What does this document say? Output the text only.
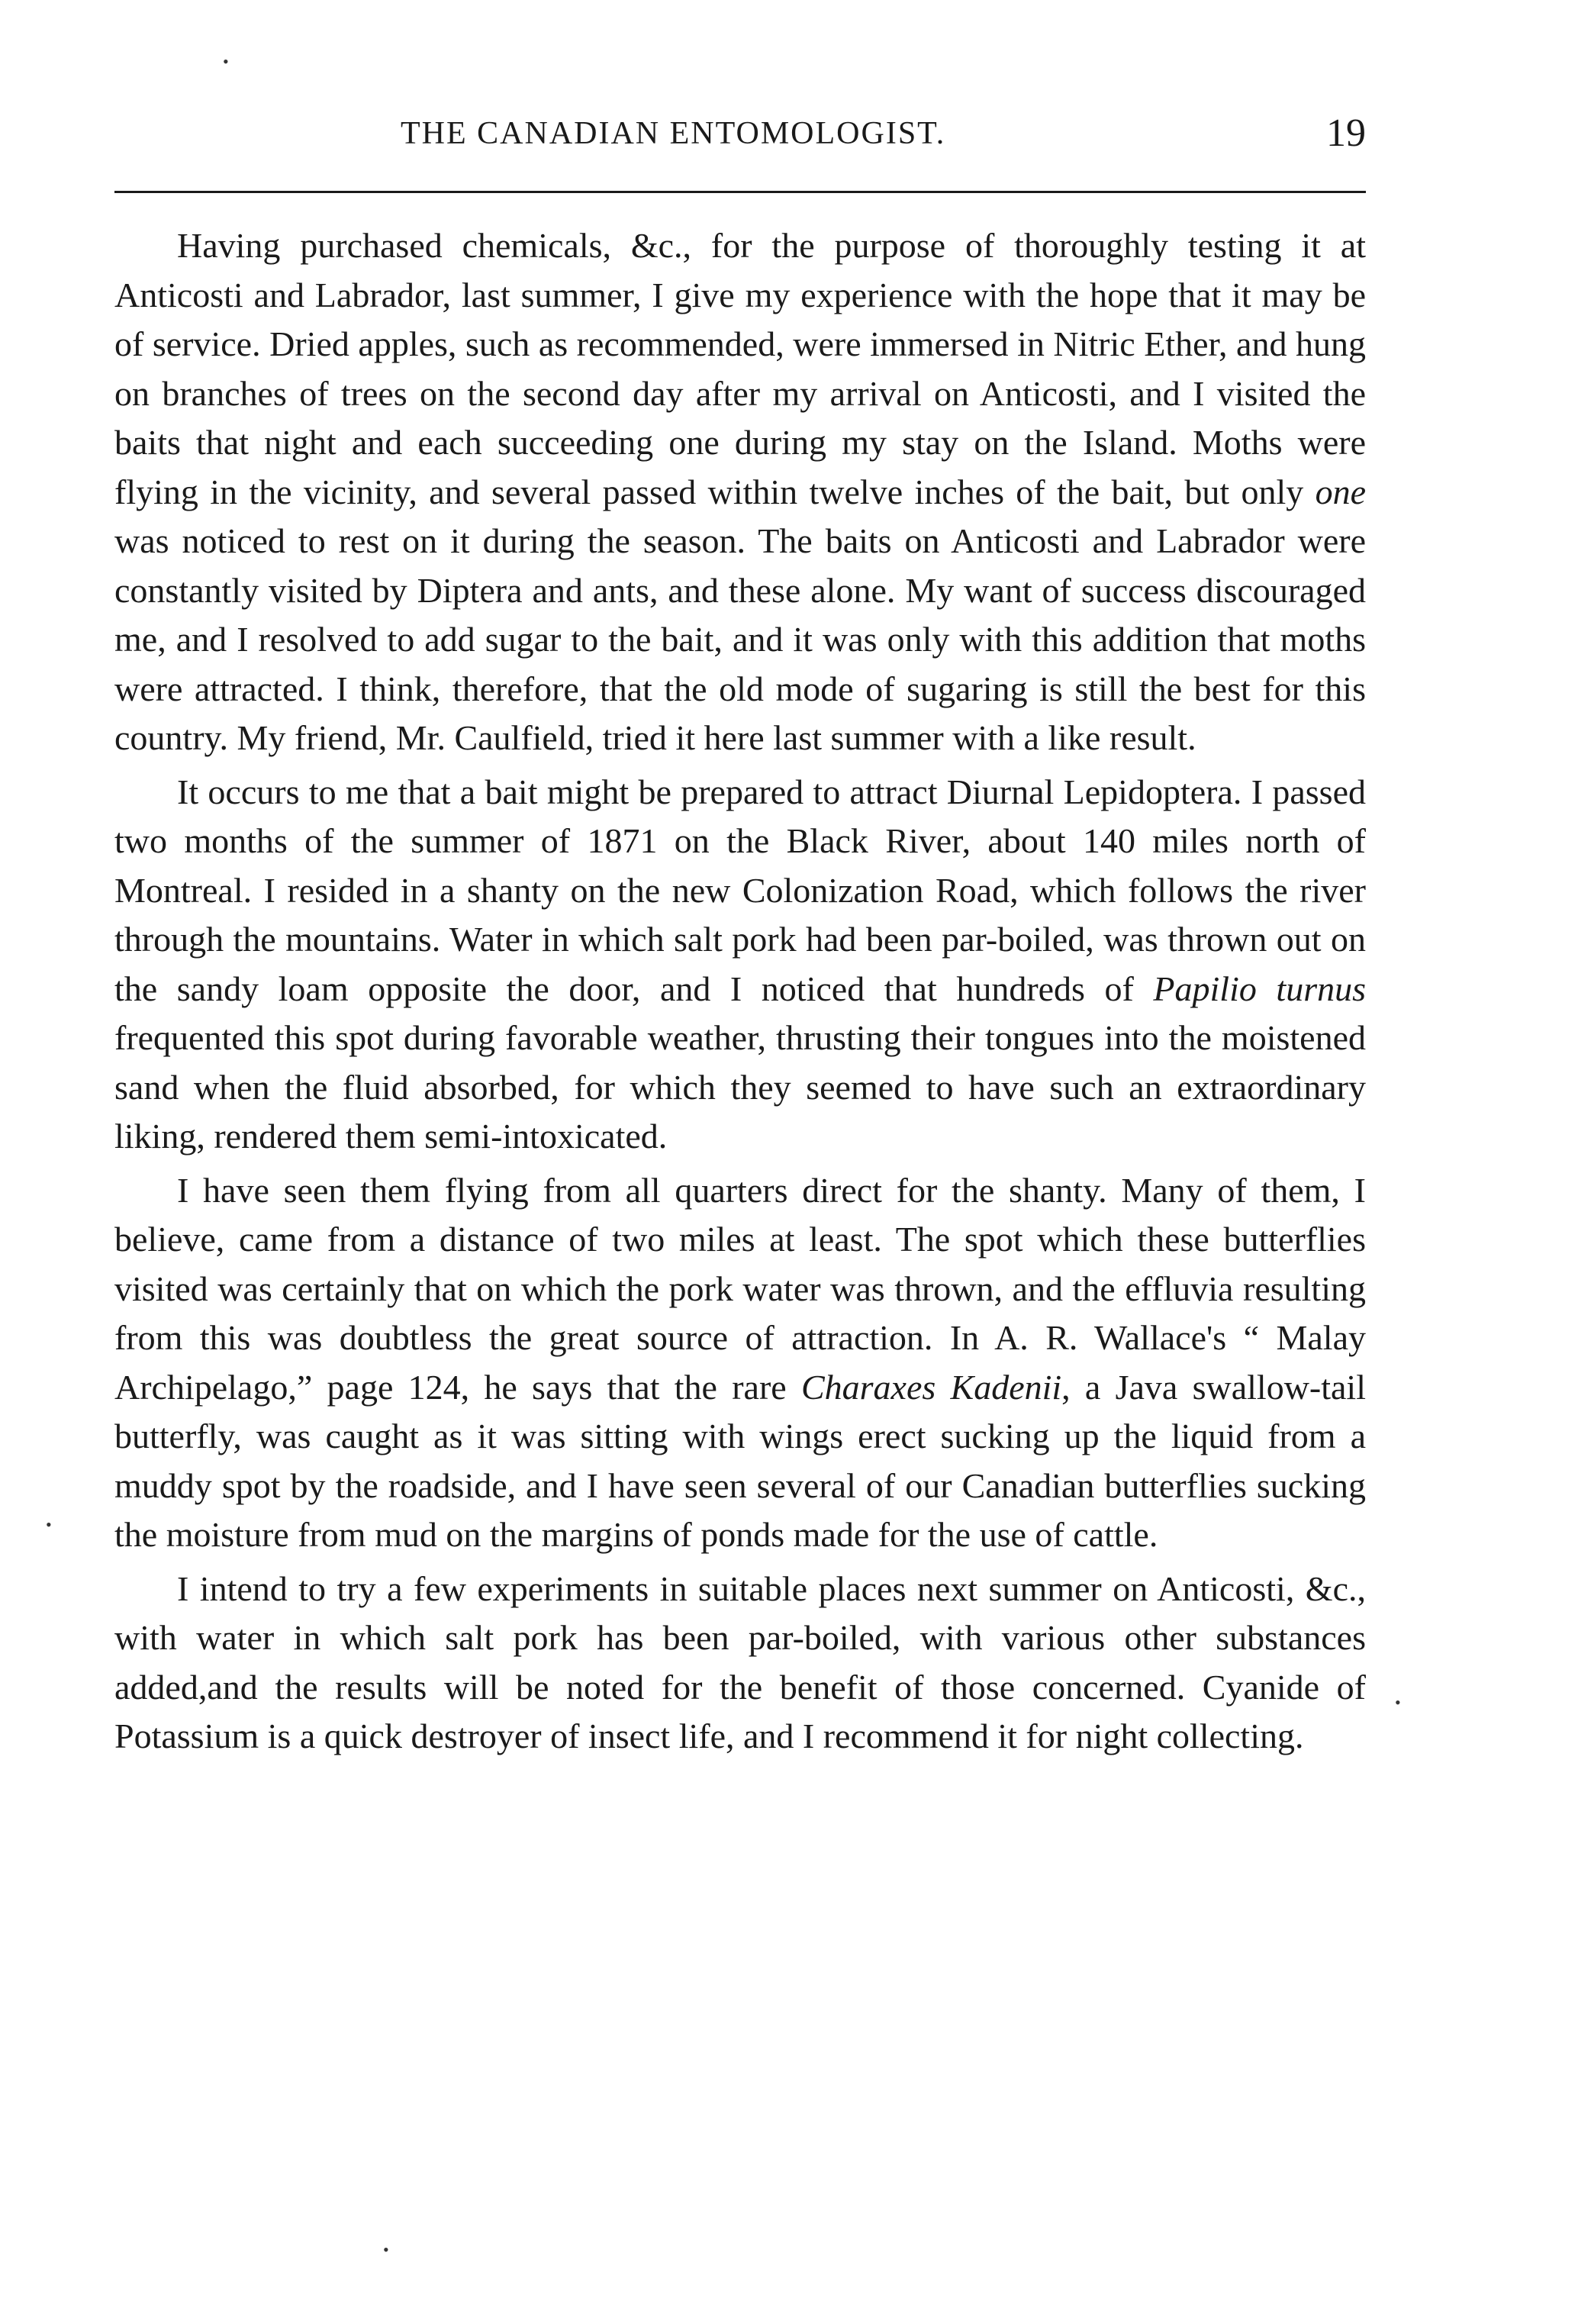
•
THE CANADIAN ENTOMOLOGIST.	19

Having purchased chemicals, &c., for the purpose of thoroughly testing it at Anticosti and Labrador, last summer, I give my experience with the hope that it may be of service. Dried apples, such as recommended, were immersed in Nitric Ether, and hung on branches of trees on the second day after my arrival on Anticosti, and I visited the baits that night and each succeeding one during my stay on the Island. Moths were flying in the vicinity, and several passed within twelve inches of the bait, but only one was noticed to rest on it during the season. The baits on Anticosti and Labrador were constantly visited by Diptera and ants, and these alone. My want of success discouraged me, and I resolved to add sugar to the bait, and it was only with this addition that moths were attracted. I think, therefore, that the old mode of sugaring is still the best for this country. My friend, Mr. Caulfield, tried it here last summer with a like result.

It occurs to me that a bait might be prepared to attract Diurnal Lepidoptera. I passed two months of the summer of 1871 on the Black River, about 140 miles north of Montreal. I resided in a shanty on the new Colonization Road, which follows the river through the mountains. Water in which salt pork had been par-boiled, was thrown out on the sandy loam opposite the door, and I noticed that hundreds of Papilio turnus frequented this spot during favorable weather, thrusting their tongues into the moistened sand when the fluid absorbed, for which they seemed to have such an extraordinary liking, rendered them semi-intoxicated.

I have seen them flying from all quarters direct for the shanty. Many of them, I believe, came from a distance of two miles at least. The spot which these butterflies visited was certainly that on which the pork water was thrown, and the effluvia resulting from this was doubtless the great source of attraction. In A. R. Wallace's “ Malay Archipelago,” page 124, he says that the rare Charaxes Kadenii, a Java swallow-tail butterfly, was caught as it was sitting with wings erect sucking up the liquid from a muddy spot by the roadside, and I have seen several of our Canadian butterflies sucking the moisture from mud on the margins of ponds made for the use of cattle.

I intend to try a few experiments in suitable places next summer on Anticosti, &c., with water in which salt pork has been par-boiled, with various other substances added,and the results will be noted for the benefit of those concerned. Cyanide of Potassium is a quick destroyer of insect life, and I recommend it for night collecting.

•
•
•
